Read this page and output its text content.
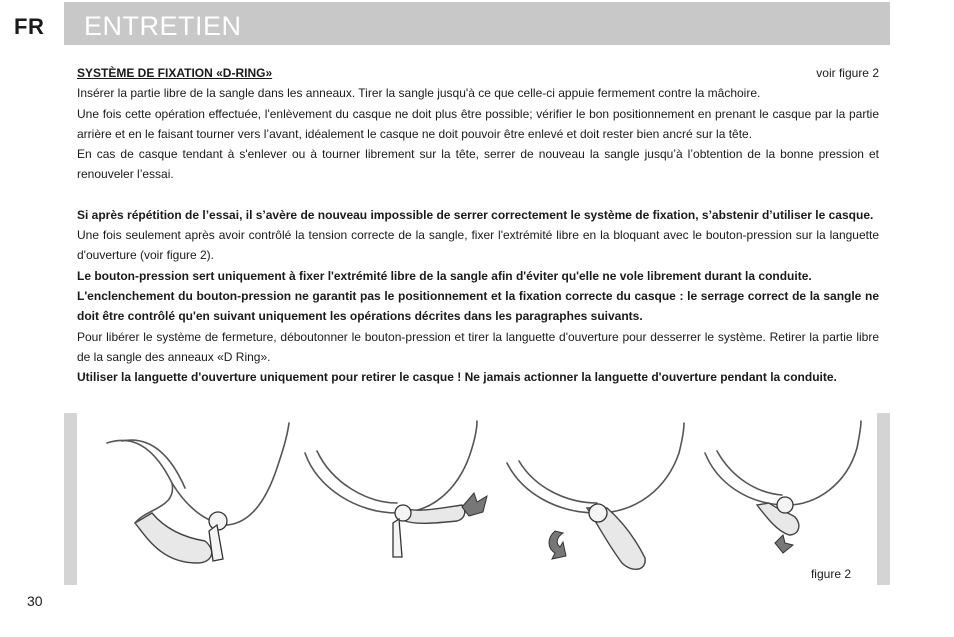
FR ENTRETIEN
SYSTÈME DE FIXATION «D-RING»	voir figure 2

Insérer la partie libre de la sangle dans les anneaux. Tirer la sangle jusqu'à ce que celle-ci appuie fermement contre la mâchoire.

Une fois cette opération effectuée, l'enlèvement du casque ne doit plus être possible; vérifier le bon positionnement en prenant le casque par la partie arrière et en le faisant tourner vers l’avant, idéalement le casque ne doit pouvoir être enlevé et doit rester bien ancré sur la tête.

En cas de casque tendant à s'enlever ou à tourner librement sur la tête, serrer de nouveau la sangle jusqu’à l’obtention de la bonne pression et renouveler l’essai.

Si après répétition de l’essai, il s’avère de nouveau impossible de serrer correctement le système de fixation, s’abstenir d’utiliser le casque.

Une fois seulement après avoir contrôlé la tension correcte de la sangle, fixer l'extrémité libre en la bloquant avec le bouton-pression sur la languette d'ouverture (voir figure 2).

Le bouton-pression sert uniquement à fixer l'extrémité libre de la sangle afin d'éviter qu'elle ne vole librement durant la conduite.

L'enclenchement du bouton-pression ne garantit pas le positionnement et la fixation correcte du casque : le serrage correct de la sangle ne doit être contrôlé qu'en suivant uniquement les opérations décrites dans les paragraphes suivants.

Pour libérer le système de fermeture, déboutonner le bouton-pression et tirer la languette d'ouverture pour desserrer le système. Retirer la partie libre de la sangle des anneaux «D Ring».

Utiliser la languette d'ouverture uniquement pour retirer le casque ! Ne jamais actionner la languette d'ouverture pendant la conduite.

figure 2
30
